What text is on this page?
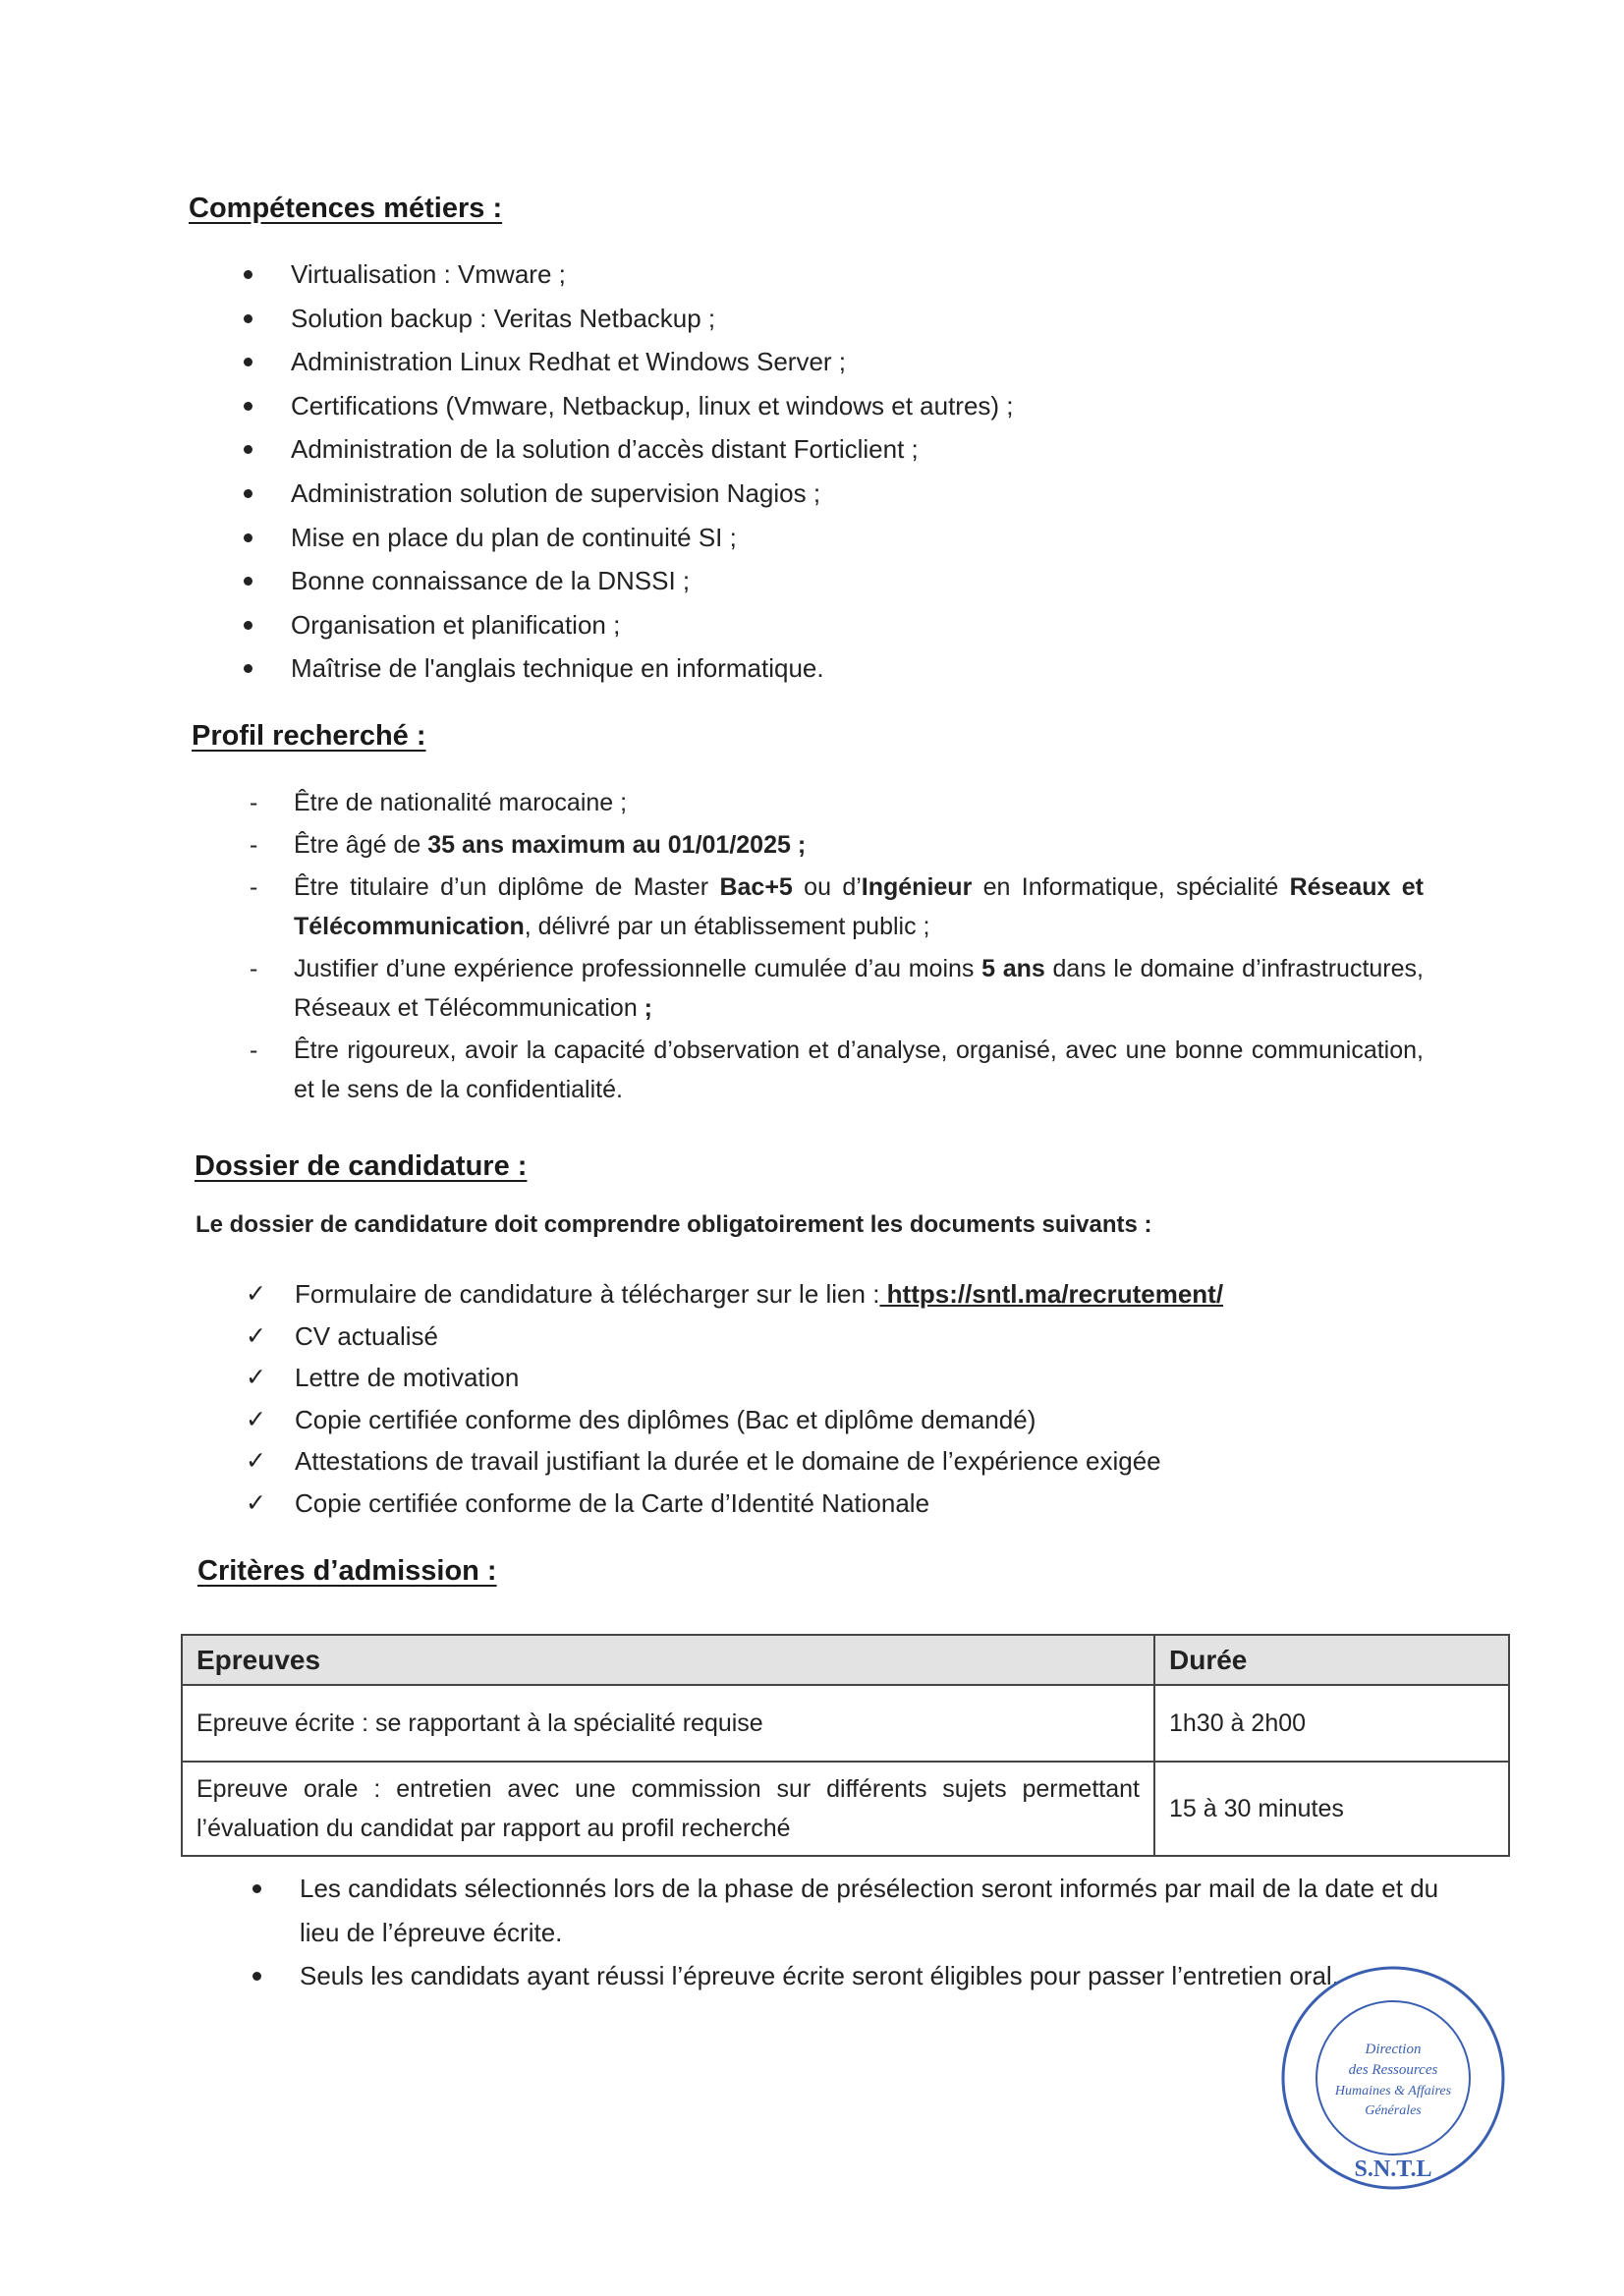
Compétences métiers :
Virtualisation : Vmware ;
Solution backup : Veritas Netbackup ;
Administration Linux Redhat et Windows Server ;
Certifications (Vmware, Netbackup, linux et windows et autres) ;
Administration de la solution d’accès distant Forticlient ;
Administration solution de supervision Nagios ;
Mise en place du plan de continuité SI ;
Bonne connaissance de la DNSSI ;
Organisation et planification ;
Maîtrise de l'anglais technique en informatique.
Profil recherché :
- Être de nationalité marocaine ;
- Être âgé de 35 ans maximum au 01/01/2025 ;
- Être titulaire d’un diplôme de Master Bac+5 ou d’Ingénieur en Informatique, spécialité Réseaux et Télécommunication, délivré par un établissement public ;
- Justifier d’une expérience professionnelle cumulée d’au moins 5 ans dans le domaine d’infrastructures, Réseaux et Télécommunication ;
- Être rigoureux, avoir la capacité d’observation et d’analyse, organisé, avec une bonne communication, et le sens de la confidentialité.
Dossier de candidature :
Le dossier de candidature doit comprendre obligatoirement les documents suivants :
✓ Formulaire de candidature à télécharger sur le lien : https://sntl.ma/recrutement/
✓ CV actualisé
✓ Lettre de motivation
✓ Copie certifiée conforme des diplômes (Bac et diplôme demandé)
✓ Attestations de travail justifiant la durée et le domaine de l’expérience exigée
✓ Copie certifiée conforme de la Carte d’Identité Nationale
Critères d’admission :
Epreuves	Durée
Epreuve écrite : se rapportant à la spécialité requise	1h30 à 2h00
Epreuve orale : entretien avec une commission sur différents sujets permettant l’évaluation du candidat par rapport au profil recherché	15 à 30 minutes
Les candidats sélectionnés lors de la phase de présélection seront informés par mail de la date et du lieu de l’épreuve écrite.
Seuls les candidats ayant réussi l’épreuve écrite seront éligibles pour passer l’entretien oral.
Direction
des Ressources
Humaines & Affaires
Générales
S.N.T.L
